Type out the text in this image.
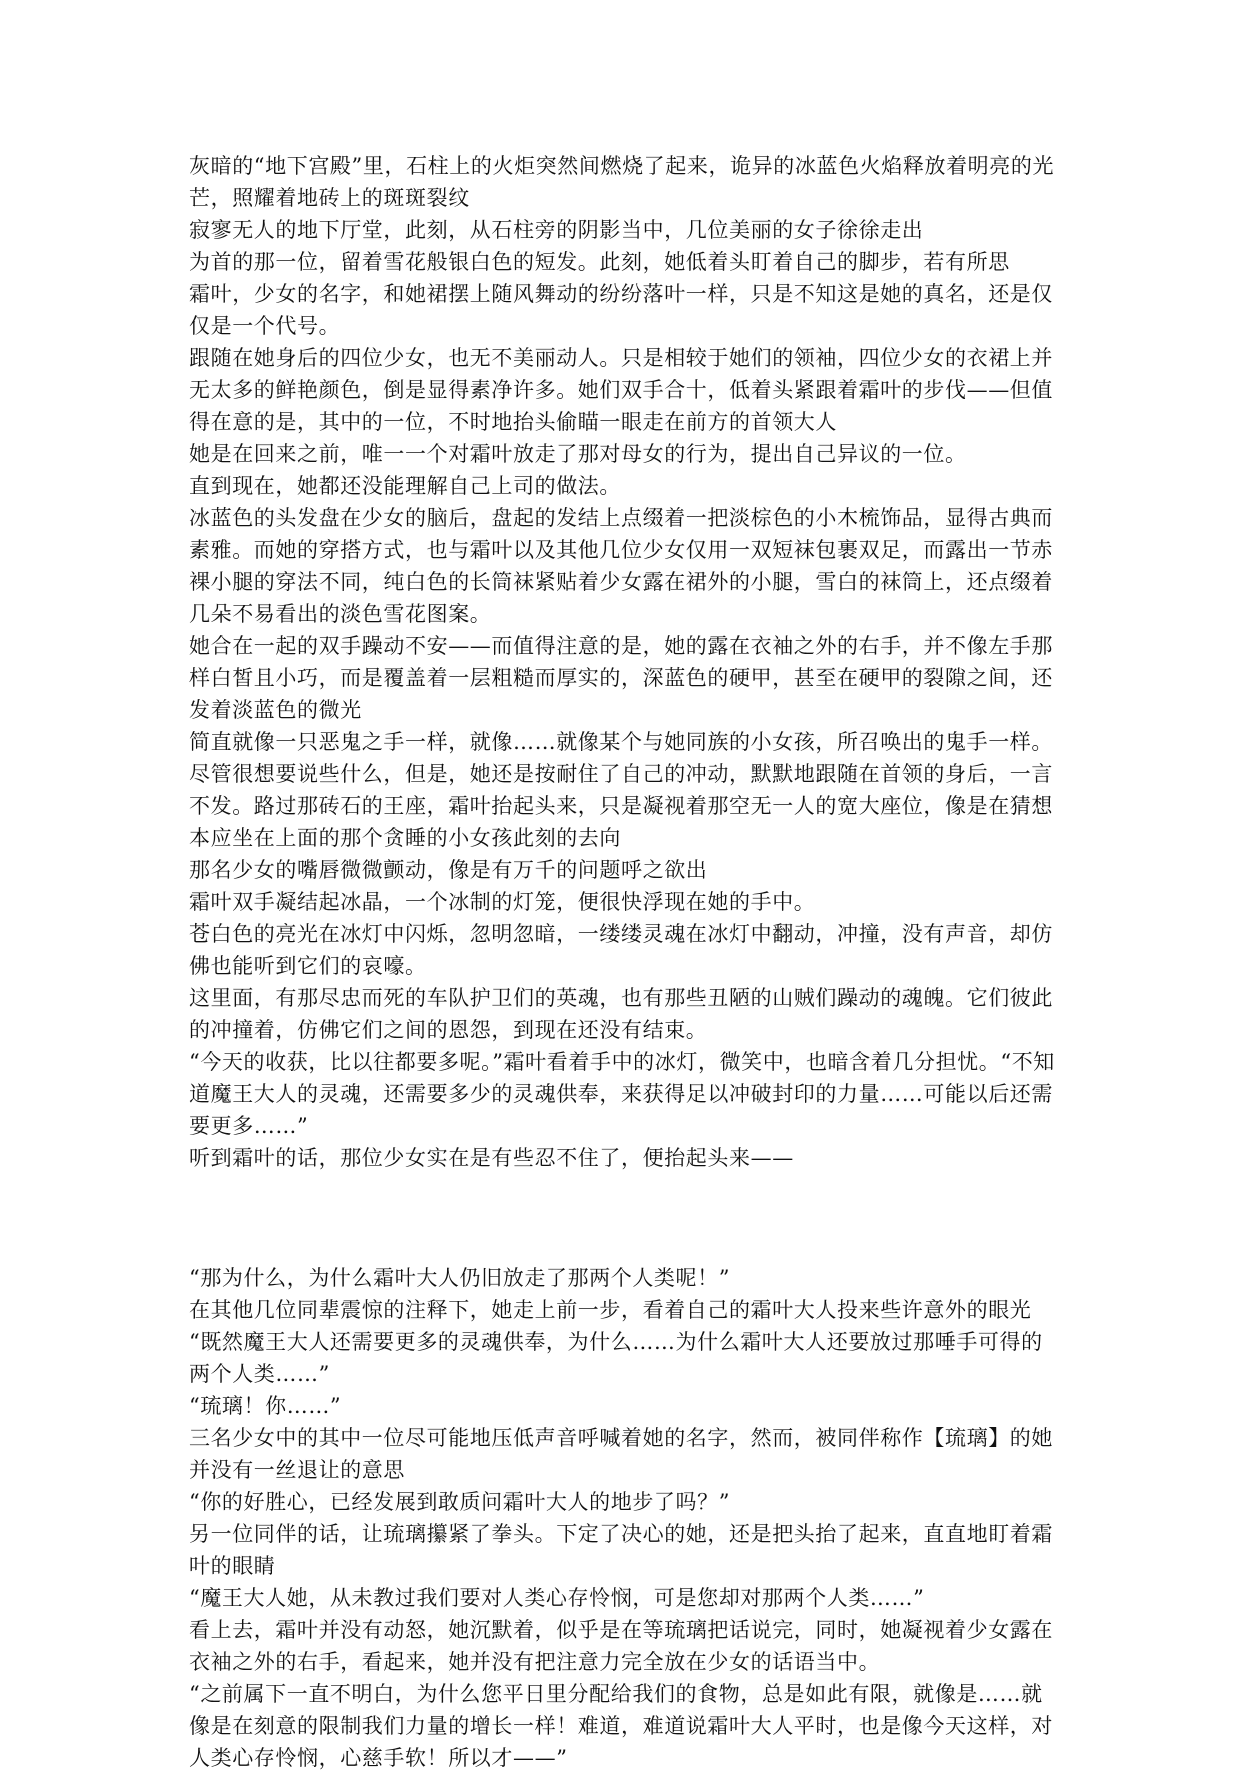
灰暗的“地下宫殿”里，石柱上的火炬突然间燃烧了起来，诡异的冰蓝色火焰释放着明亮的光芒，照耀着地砖上的斑斑裂纹

寂寥无人的地下厅堂，此刻，从石柱旁的阴影当中，几位美丽的女子徐徐走出

为首的那一位，留着雪花般银白色的短发。此刻，她低着头盯着自己的脚步，若有所思

霜叶，少女的名字，和她裙摆上随风舞动的纷纷落叶一样，只是不知这是她的真名，还是仅仅是一个代号。

跟随在她身后的四位少女，也无不美丽动人。只是相较于她们的领袖，四位少女的衣裙上并无太多的鲜艳颜色，倒是显得素净许多。她们双手合十，低着头紧跟着霜叶的步伐——但值得在意的是，其中的一位，不时地抬头偷瞄一眼走在前方的首领大人

她是在回来之前，唯一一个对霜叶放走了那对母女的行为，提出自己异议的一位。

直到现在，她都还没能理解自己上司的做法。

冰蓝色的头发盘在少女的脑后，盘起的发结上点缀着一把淡棕色的小木梳饰品，显得古典而素雅。而她的穿搭方式，也与霜叶以及其他几位少女仅用一双短袜包裹双足，而露出一节赤裸小腿的穿法不同，纯白色的长筒袜紧贴着少女露在裙外的小腿，雪白的袜筒上，还点缀着几朵不易看出的淡色雪花图案。

她合在一起的双手躁动不安——而值得注意的是，她的露在衣袖之外的右手，并不像左手那样白皙且小巧，而是覆盖着一层粗糙而厚实的，深蓝色的硬甲，甚至在硬甲的裂隙之间，还发着淡蓝色的微光

简直就像一只恶鬼之手一样，就像……就像某个与她同族的小女孩，所召唤出的鬼手一样。

尽管很想要说些什么，但是，她还是按耐住了自己的冲动，默默地跟随在首领的身后，一言不发。路过那砖石的王座，霜叶抬起头来，只是凝视着那空无一人的宽大座位，像是在猜想本应坐在上面的那个贪睡的小女孩此刻的去向

那名少女的嘴唇微微颤动，像是有万千的问题呼之欲出

霜叶双手凝结起冰晶，一个冰制的灯笼，便很快浮现在她的手中。

苍白色的亮光在冰灯中闪烁，忽明忽暗，一缕缕灵魂在冰灯中翻动，冲撞，没有声音，却仿佛也能听到它们的哀嚎。

这里面，有那尽忠而死的车队护卫们的英魂，也有那些丑陋的山贼们躁动的魂魄。它们彼此的冲撞着，仿佛它们之间的恩怨，到现在还没有结束。

“今天的收获，比以往都要多呢。”霜叶看着手中的冰灯，微笑中，也暗含着几分担忧。“不知道魔王大人的灵魂，还需要多少的灵魂供奉，来获得足以冲破封印的力量……可能以后还需要更多……”

听到霜叶的话，那位少女实在是有些忍不住了，便抬起头来——

“那为什么，为什么霜叶大人仍旧放走了那两个人类呢！”

在其他几位同辈震惊的注释下，她走上前一步，看着自己的霜叶大人投来些许意外的眼光

“既然魔王大人还需要更多的灵魂供奉，为什么……为什么霜叶大人还要放过那唾手可得的两个人类……”

“琉璃！你……”

三名少女中的其中一位尽可能地压低声音呼喊着她的名字，然而，被同伴称作【琉璃】的她并没有一丝退让的意思

“你的好胜心，已经发展到敢质问霜叶大人的地步了吗？”

另一位同伴的话，让琉璃攥紧了拳头。下定了决心的她，还是把头抬了起来，直直地盯着霜叶的眼睛

“魔王大人她，从未教过我们要对人类心存怜悯，可是您却对那两个人类……”

看上去，霜叶并没有动怒，她沉默着，似乎是在等琉璃把话说完，同时，她凝视着少女露在衣袖之外的右手，看起来，她并没有把注意力完全放在少女的话语当中。

“之前属下一直不明白，为什么您平日里分配给我们的食物，总是如此有限，就像是……就像是在刻意的限制我们力量的增长一样！难道，难道说霜叶大人平时，也是像今天这样，对人类心存怜悯，心慈手软！所以才——”
